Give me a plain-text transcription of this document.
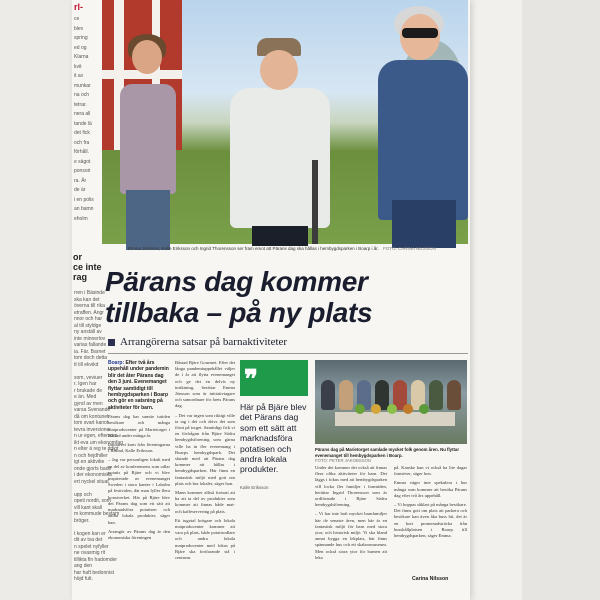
rl-
ce
blev
spring
ed og
Klarna
kvit
it av
munkar
na och
tetrar.
nera all
tande lä
det fick
och fra
förhåll.
e sägot
ponsori
ra. Är
de är
i en polis
an bamn
eholm
or
ce inte
rag
rren i Bäsinde
ska kan det
överna till rika
etraffen. Angr
nnor och har
al till styldge
ny anställ av
inte minnerlov
varias fallande
ia. Fär. Barnet
tom doch detta
tt till ekvikd
som, veviuer
r. Igen har
r brukade de
e än. Med
gynd av men
varsa Svenande
då om kontunet
tom svart kanot
tevra inversioner
n ur egen, eftersom
ikt eva um ekonomfag
n elter ä reg te ddigt
n och hejdhiller
igt en aktivitie
onde gjorts bade
i der ekonomiska
ert nyckel situat
upp och
opeti nordit, som
vill kant skall
m kommude bestam
bröger.
t kogen kan er
dit av tva det
n spelet nyfyller
ne ovasmig rit
tillikta fin hadomder
ang den
har haft bedonnist
höjd fult.
Emma Jönsson, Kalle Eriksson och Ingrid Thorensson ser fram emot att Pärans dag ska hållas i hembygdsparken i Boarp i år. FOTO: CARINA NILSSON
Pärans dag kommer tillbaka – på ny plats
Arrangörerna satsar på barnaktiviteter

Boarp: Efter två års uppehåll under pandemin blir det åter Pärans dag den 3 juni. Evenemanget flyttar samtidigt till hembygdsparken i Boarp och gör en satsning på aktiviteter för barn.

Pärans dag har samtie tutiden besökare och många matproducenter på Marietorget i Båstad under många år.

Initiativet kom från föreningarna i Båstad, Kalle Eriksson.

– Jag var personligen lokalt med en del av konferensens som odlar potatis på Bjäre och vi blev inspirerade av evenemanget Sweden i stora kanter i Laholm på festivalen, där man fyller flera konstverket. Här på Bjäre blev det Pärans dag som ett sätt att marknadsföra potatisen och andra lokala produkter, säger han.

Arrangör av Pärans dag är den ekonomiska föreningen

Båstad Bjäre Gourmet. Efter det långa pandemiuppehållet väljer de i år att flytta evenemanget och ge det en delvis ny inriktning, berättar Emma Jönsson som är initiativtagare och samordnare för årets Pärans dag.

– Det var ingen som riktigt ville ta tag i det och drivs det som förut på torget. Samtidigt fick vi en förfrågan från Bjäre Södra hembygdsförening som gärna ville ha in fler evenemang i Boarps hembygdspark. Det slutade med att Pärans dag kommer att hållas i hembygdsparken. Här finns en fantastisk miljö med gott om plats och bra lokaler, säger hon.

Mann kommer alltså fortsatt att ha att ta del av produkter som kommer att finnas både mat- och kaffeservering på plats.

Ett tugotal krögare och lokala matproducenter kommer att vara på plats, både potatisodlare och andra lokala matproducenter med fokus på Bjäre ska fortfarande stå i centrum.

❞
Här på Bjäre blev det Pärans dag som ett sätt att marknadsföra potatisen och andra lokala produkter.
Kalle Eriksson
Pärans dag på Marietorget samlade mycket folk genom åren. Nu flyttar evenemanget till hembygdsparken i Boarp.
FOTO: PETER JAKOBSSON

Under det kommer det också att finnas flera olika aktiviteter för barn. Det läggs i fokus med att hembygdsparken vill locka fler familjer i framtiden, berättar Ingrid Thorensson som är ordförande i Bjäre Södra hembygdsförening.

– Vi har inte haft mycket barnfamiljer här de senaste åren, men här är en fantastisk miljö för barn med stora ytor, och historisk miljö. Vi ska bland annat bygga en lekplats, här finns spännande hus och ett skaboxmuseum. Men också stora ytor för barnen att leka

på. Kanske kan vi också ha lite dagar framöver, säger hon.

Emma väger inte spekulera i hur många som kommer att besöka Pärans dag efter två års uppehåll.

– Vi hoppas såklart på många besökare. Det finns gott om plats att parkera och besökare kan även åka buss hit, det är en kort promenadsträcka från busshållplatsen i Boarp till hembygdsparken, säger Emma.

Carina Nilsson
